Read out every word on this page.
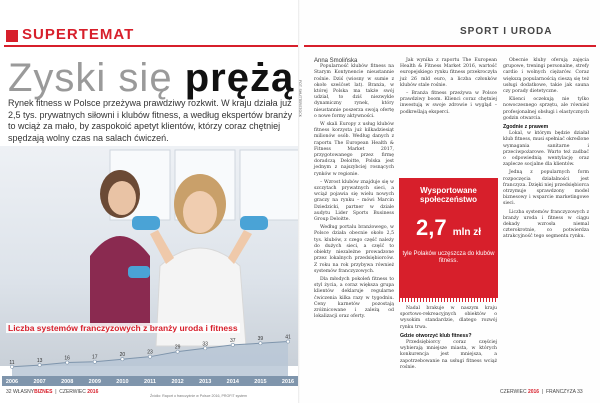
SUPERTEMAT
Zyski się prężą
Rynek fitness w Polsce przeżywa prawdziwy rozkwit. W kraju działa już 2,5 tys. prywatnych siłowni i klubów fitness, a według ekspertów branży to wciąż za mało, by zaspokoić apetyt klientów, którzy coraz chętniej spędzają wolny czas na salach ćwiczeń.
11
2006
13
2007
16
2008
17
2009
20
2010
23
2011
29
2012
33
2013
37
2014
39
2015
41
2016
Liczba systemów franczyzowych z branży uroda i fitness
Źródło: Raport o franczyźnie w Polsce 2016, PROFIT system
32 WŁASNYBIZNES  |  CZERWIEC 2016
SPORT I URODA
FOT. SHUTTERSTOCK
Anna Smolińska

Popularność klubów fitness na Starym Kontynencie nieustannie rośnie. Dziś (wiosny w sumie z około sześćset lat). Branża, w której Polska ma także swój udział, to dziś niezwykle dynamiczny rynek, który nieustannie poszerza swoją ofertę o nowe formy aktywności.

W skali Europy z usług klubów fitness korzysta już kilkadziesiąt milionów osób. Według danych z raportu The European Health & Fitness Market 2017, przygotowanego przez firmę doradczą Deloitte, Polska jest jednym z najszybciej rosnących rynków w regionie.

– Wzrost klubów znajduje się w szczytach prywatnych sieci, a wciąż pojawia się wielu nowych graczy na rynku – mówi Marcin Dziedzicki, partner w dziale audytu Lider Sports Business Group Deloitte.

Według portalu branżowego, w Polsce działa obecnie około 2,5 tys. klubów, z czego część należy do dużych sieci, a część to obiekty niezależne prowadzone przez lokalnych przedsiębiorców. Z roku na rok przybywa również systemów franczyzowych.

Dla młodych pokoleń fitness to styl życia, a coraz większa grupa klientów deklaruje regularne ćwiczenia kilka razy w tygodniu. Ceny karnetów pozostają zróżnicowane i zależą od lokalizacji oraz oferty.

Jak wynika z raportu The European Health & Fitness Market 2016, wartość europejskiego rynku fitness przekroczyła już 26 mld euro, a liczba członków klubów stale rośnie.

– Branża fitness przeżywa w Polsce prawdziwy boom. Klienci coraz chętniej inwestują w swoje zdrowie i wygląd – podkreślają eksperci.

Wysportowane
społeczeństwo
2,7 mln zł
tyle Polaków uczęszcza do klubów fitness.

Nadal brakuje w naszym kraju sportowo-rekreacyjnych obiektów o wysokim standardzie, dlatego rozwój rynku trwa.

Gdzie otworzyć klub fitness?

Przedsiębiorcy coraz częściej wybierają mniejsze miasta, w których konkurencja jest mniejsza, a zapotrzebowanie na usługi fitness wciąż rośnie.

Obecnie kluby oferują zajęcia grupowe, treningi personalne, strefy cardio i wolnych ciężarów. Coraz większą popularnością cieszą się też usługi dodatkowe, takie jak sauna czy porady dietetyczne.

Klienci oczekują nie tylko nowoczesnego sprzętu, ale również profesjonalnej obsługi i elastycznych godzin otwarcia.

Zgodnie z prawem

Lokal, w którym będzie działał klub fitness, musi spełniać określone wymagania sanitarne i przeciwpożarowe. Warto też zadbać o odpowiednią wentylację oraz zaplecze socjalne dla klientów.

Jedną z popularnych form rozpoczęcia działalności jest franczyza. Dzięki niej przedsiębiorca otrzymuje sprawdzony model biznesowy i wsparcie marketingowe sieci.

Liczba systemów franczyzowych z branży uroda i fitness w ciągu dekady wzrosła niemal czterokrotnie, co potwierdza atrakcyjność tego segmentu rynku.

CZERWIEC 2016  |  FRANCZYZA 33
